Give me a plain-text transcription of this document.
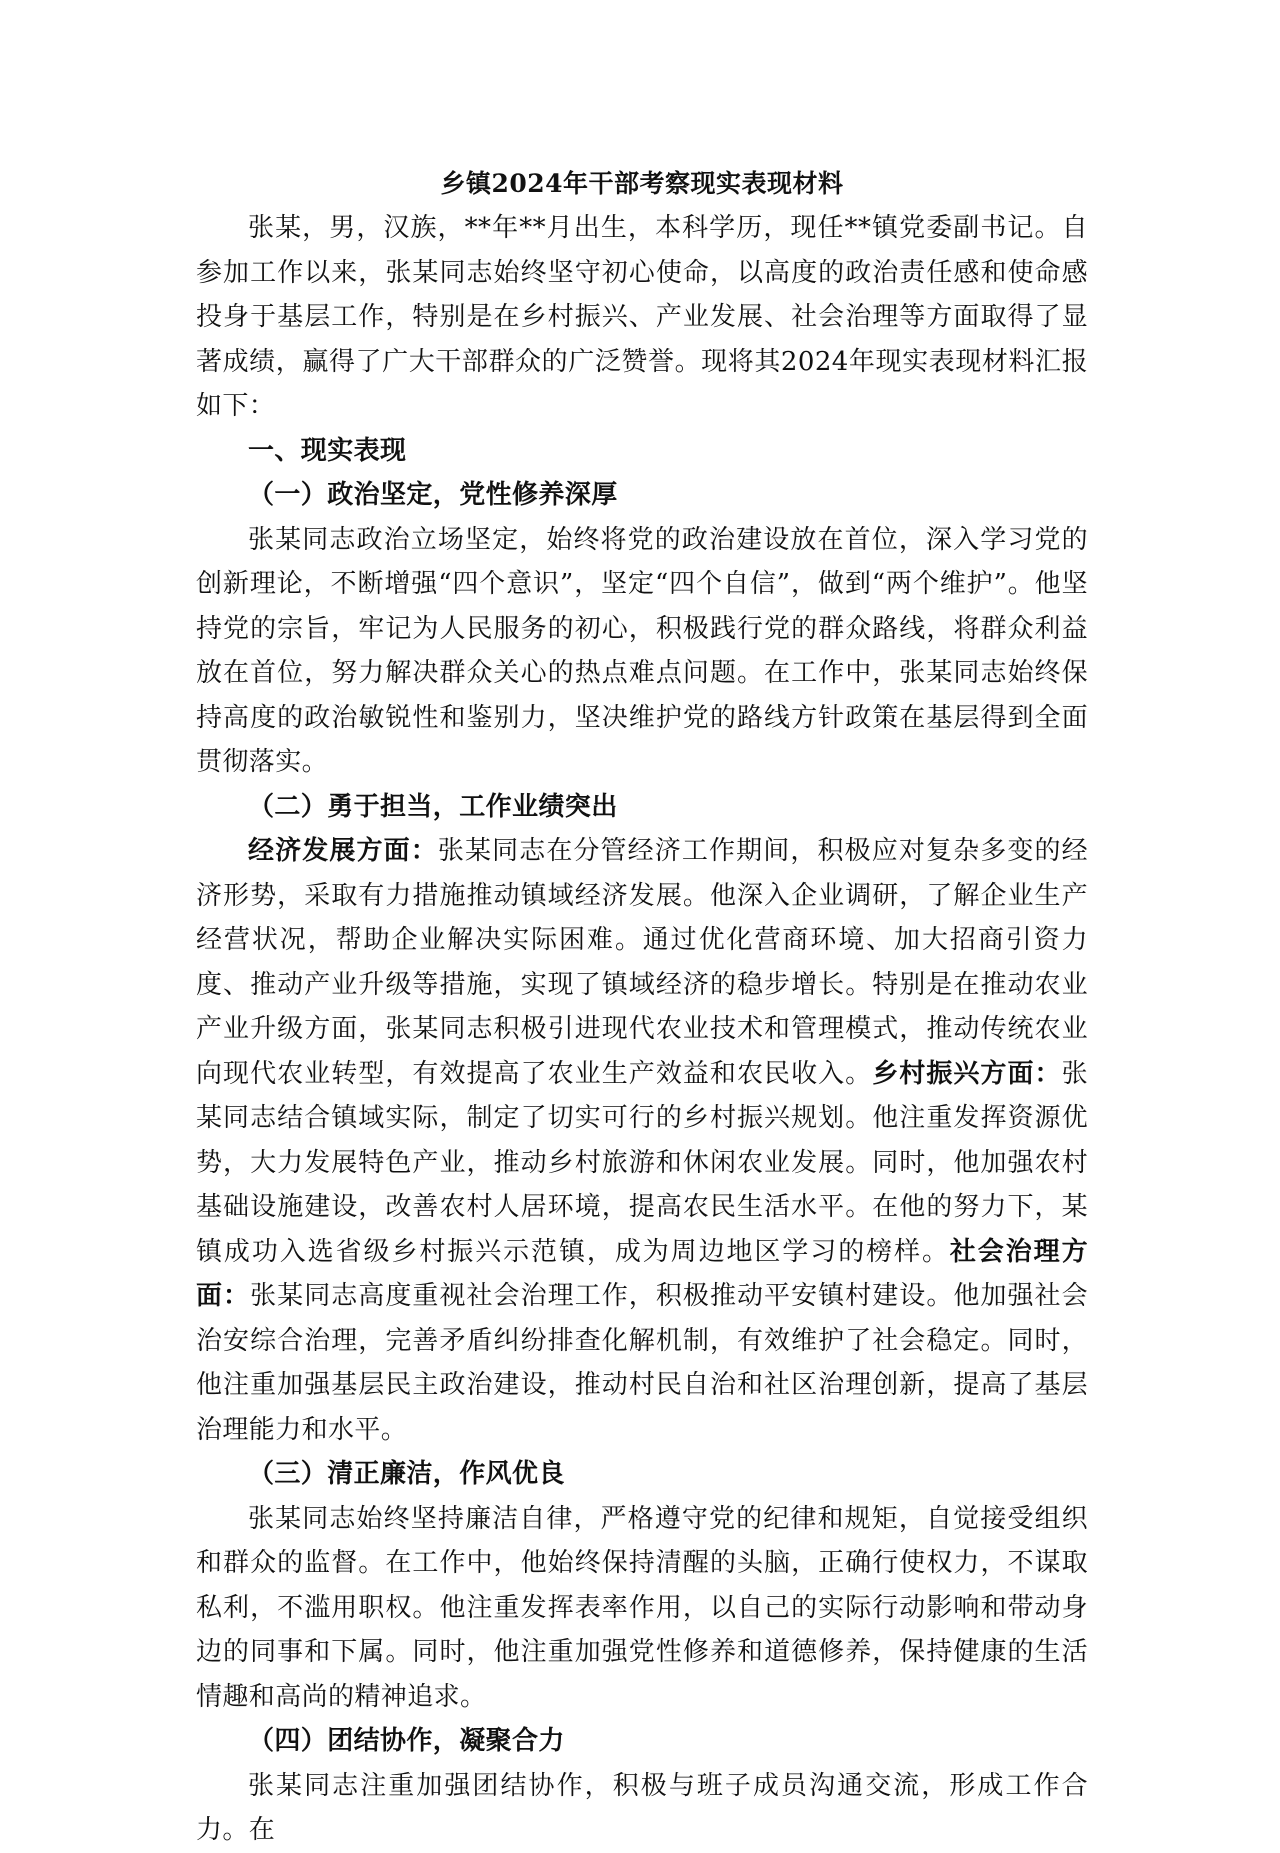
乡镇2024年干部考察现实表现材料

张某，男，汉族，**年**月出生，本科学历，现任**镇党委副书记。自参加工作以来，张某同志始终坚守初心使命，以高度的政治责任感和使命感投身于基层工作，特别是在乡村振兴、产业发展、社会治理等方面取得了显著成绩，赢得了广大干部群众的广泛赞誉。现将其2024年现实表现材料汇报如下：

一、现实表现

（一）政治坚定，党性修养深厚

张某同志政治立场坚定，始终将党的政治建设放在首位，深入学习党的创新理论，不断增强“四个意识”，坚定“四个自信”，做到“两个维护”。他坚持党的宗旨，牢记为人民服务的初心，积极践行党的群众路线，将群众利益放在首位，努力解决群众关心的热点难点问题。在工作中，张某同志始终保持高度的政治敏锐性和鉴别力，坚决维护党的路线方针政策在基层得到全面贯彻落实。

（二）勇于担当，工作业绩突出

经济发展方面：张某同志在分管经济工作期间，积极应对复杂多变的经济形势，采取有力措施推动镇域经济发展。他深入企业调研，了解企业生产经营状况，帮助企业解决实际困难。通过优化营商环境、加大招商引资力度、推动产业升级等措施，实现了镇域经济的稳步增长。特别是在推动农业产业升级方面，张某同志积极引进现代农业技术和管理模式，推动传统农业向现代农业转型，有效提高了农业生产效益和农民收入。乡村振兴方面：张某同志结合镇域实际，制定了切实可行的乡村振兴规划。他注重发挥资源优势，大力发展特色产业，推动乡村旅游和休闲农业发展。同时，他加强农村基础设施建设，改善农村人居环境，提高农民生活水平。在他的努力下，某镇成功入选省级乡村振兴示范镇，成为周边地区学习的榜样。社会治理方面：张某同志高度重视社会治理工作，积极推动平安镇村建设。他加强社会治安综合治理，完善矛盾纠纷排查化解机制，有效维护了社会稳定。同时，他注重加强基层民主政治建设，推动村民自治和社区治理创新，提高了基层治理能力和水平。

（三）清正廉洁，作风优良

张某同志始终坚持廉洁自律，严格遵守党的纪律和规矩，自觉接受组织和群众的监督。在工作中，他始终保持清醒的头脑，正确行使权力，不谋取私利，不滥用职权。他注重发挥表率作用，以自己的实际行动影响和带动身边的同事和下属。同时，他注重加强党性修养和道德修养，保持健康的生活情趣和高尚的精神追求。

（四）团结协作，凝聚合力

张某同志注重加强团结协作，积极与班子成员沟通交流，形成工作合力。在
